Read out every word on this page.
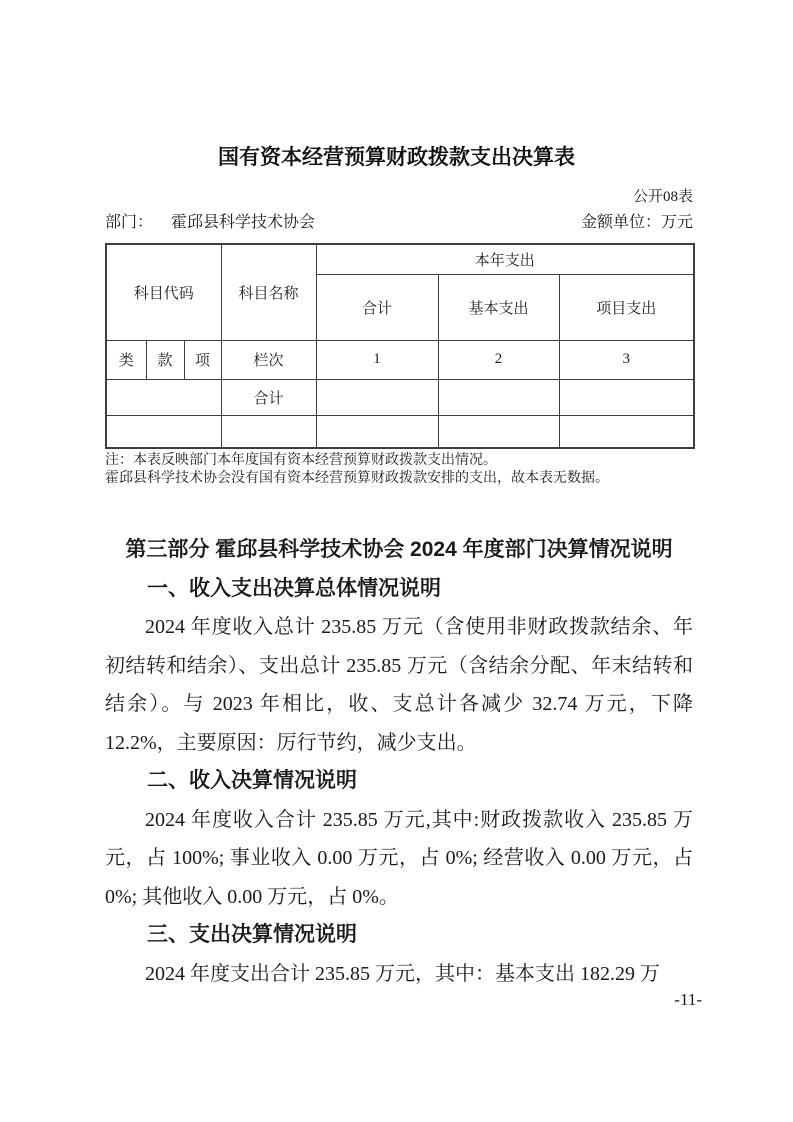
国有资本经营预算财政拨款支出决算表
公开08表
部门： 霍邱县科学技术协会	金额单位：万元
科目代码			科目名称	本年支出		
				合计	基本支出	项目支出
类	款	项	栏次	1	2	3
			合计			

注：本表反映部门本年度国有资本经营预算财政拨款支出情况。
霍邱县科学技术协会没有国有资本经营预算财政拨款安排的支出，故本表无数据。
第三部分 霍邱县科学技术协会 2024 年度部门决算情况说明
一、收入支出决算总体情况说明

2024 年度收入总计 235.85 万元（含使用非财政拨款结余、年初结转和结余）、支出总计 235.85 万元（含结余分配、年末结转和结余）。与 2023 年相比，收、支总计各减少 32.74 万元，下降 12.2%，主要原因：厉行节约，减少支出。

二、收入决算情况说明

2024 年度收入合计 235.85 万元,其中:财政拨款收入 235.85 万元，占 100%; 事业收入 0.00 万元，占 0%; 经营收入 0.00 万元，占 0%; 其他收入 0.00 万元，占 0%。

三、支出决算情况说明

2024 年度支出合计 235.85 万元，其中：基本支出 182.29 万

-11-
